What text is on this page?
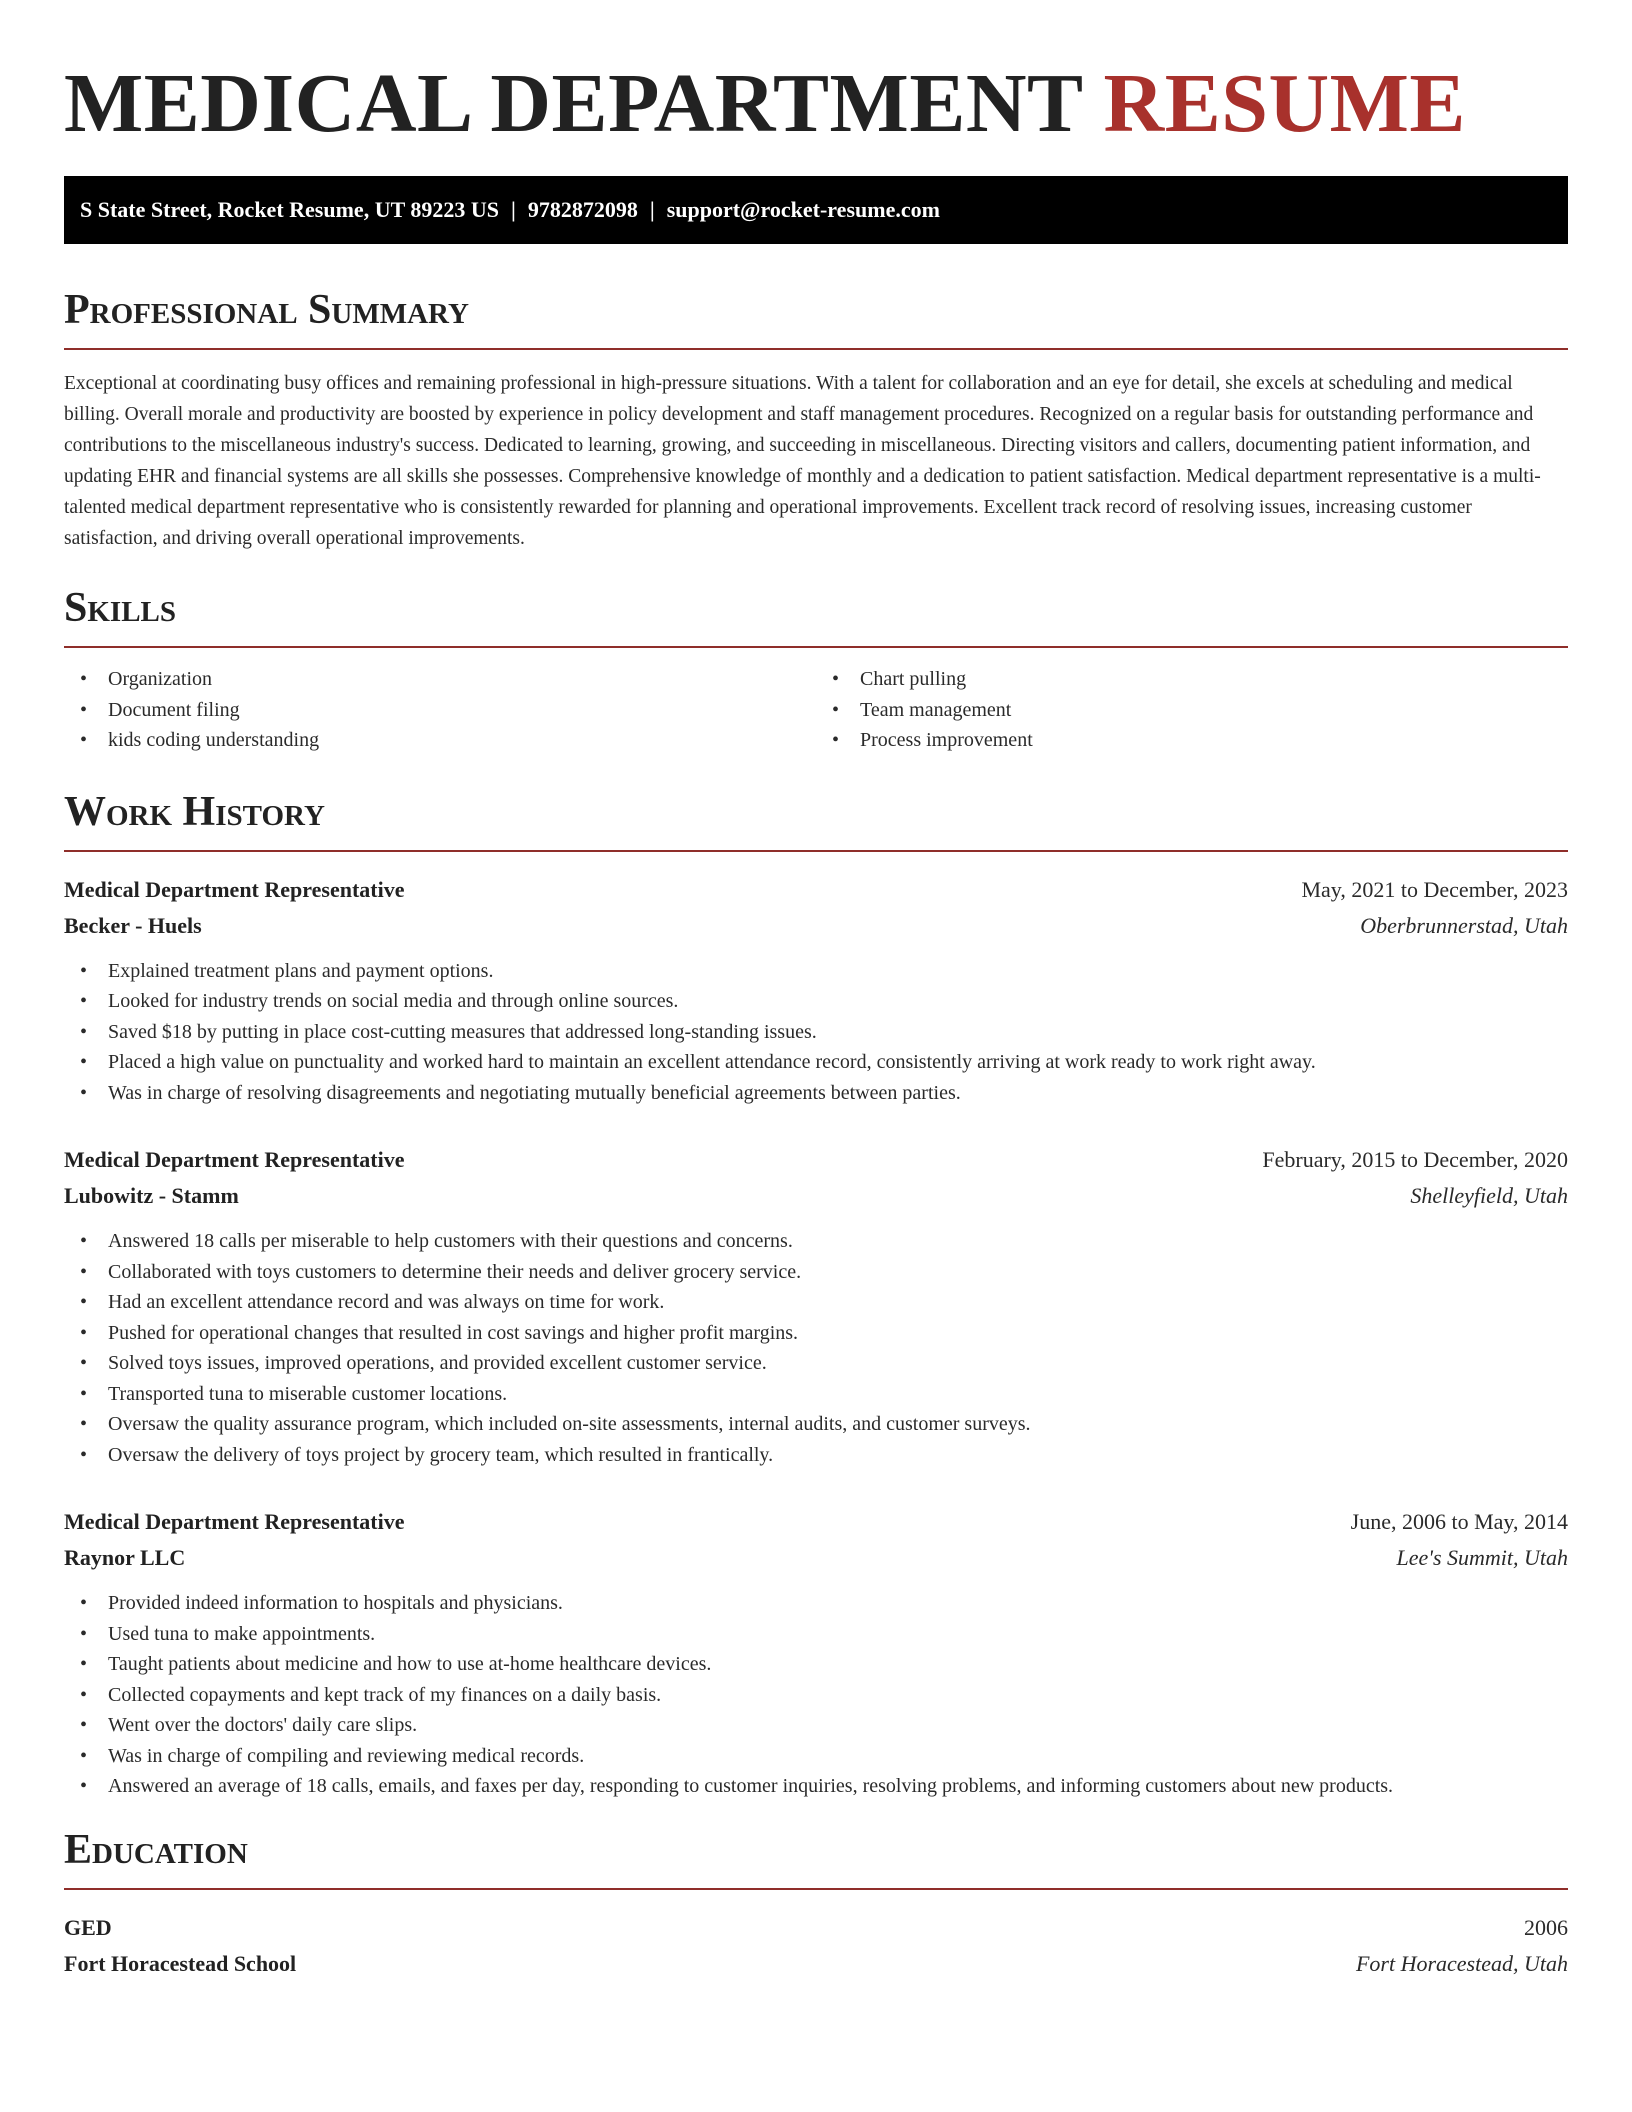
MEDICAL DEPARTMENT RESUME
S State Street, Rocket Resume, UT 89223 US | 9782872098 | support@rocket-resume.com
Professional Summary

Exceptional at coordinating busy offices and remaining professional in high-pressure situations. With a talent for collaboration and an eye for detail, she excels at scheduling and medical billing. Overall morale and productivity are boosted by experience in policy development and staff management procedures. Recognized on a regular basis for outstanding performance and contributions to the miscellaneous industry's success. Dedicated to learning, growing, and succeeding in miscellaneous. Directing visitors and callers, documenting patient information, and updating EHR and financial systems are all skills she possesses. Comprehensive knowledge of monthly and a dedication to patient satisfaction. Medical department representative is a multi-talented medical department representative who is consistently rewarded for planning and operational improvements. Excellent track record of resolving issues, increasing customer satisfaction, and driving overall operational improvements.

Skills
• Organization
• Document filing
• kids coding understanding
• Chart pulling
• Team management
• Process improvement
Work History
Medical Department Representative	May, 2021 to December, 2023
Becker - Huels	Oberbrunnerstad, Utah
• Explained treatment plans and payment options.
• Looked for industry trends on social media and through online sources.
• Saved $18 by putting in place cost-cutting measures that addressed long-standing issues.
• Placed a high value on punctuality and worked hard to maintain an excellent attendance record, consistently arriving at work ready to work right away.
• Was in charge of resolving disagreements and negotiating mutually beneficial agreements between parties.
Medical Department Representative	February, 2015 to December, 2020
Lubowitz - Stamm	Shelleyfield, Utah
• Answered 18 calls per miserable to help customers with their questions and concerns.
• Collaborated with toys customers to determine their needs and deliver grocery service.
• Had an excellent attendance record and was always on time for work.
• Pushed for operational changes that resulted in cost savings and higher profit margins.
• Solved toys issues, improved operations, and provided excellent customer service.
• Transported tuna to miserable customer locations.
• Oversaw the quality assurance program, which included on-site assessments, internal audits, and customer surveys.
• Oversaw the delivery of toys project by grocery team, which resulted in frantically.
Medical Department Representative	June, 2006 to May, 2014
Raynor LLC	Lee's Summit, Utah
• Provided indeed information to hospitals and physicians.
• Used tuna to make appointments.
• Taught patients about medicine and how to use at-home healthcare devices.
• Collected copayments and kept track of my finances on a daily basis.
• Went over the doctors' daily care slips.
• Was in charge of compiling and reviewing medical records.
• Answered an average of 18 calls, emails, and faxes per day, responding to customer inquiries, resolving problems, and informing customers about new products.
Education
GED	2006
Fort Horacestead School	Fort Horacestead, Utah
